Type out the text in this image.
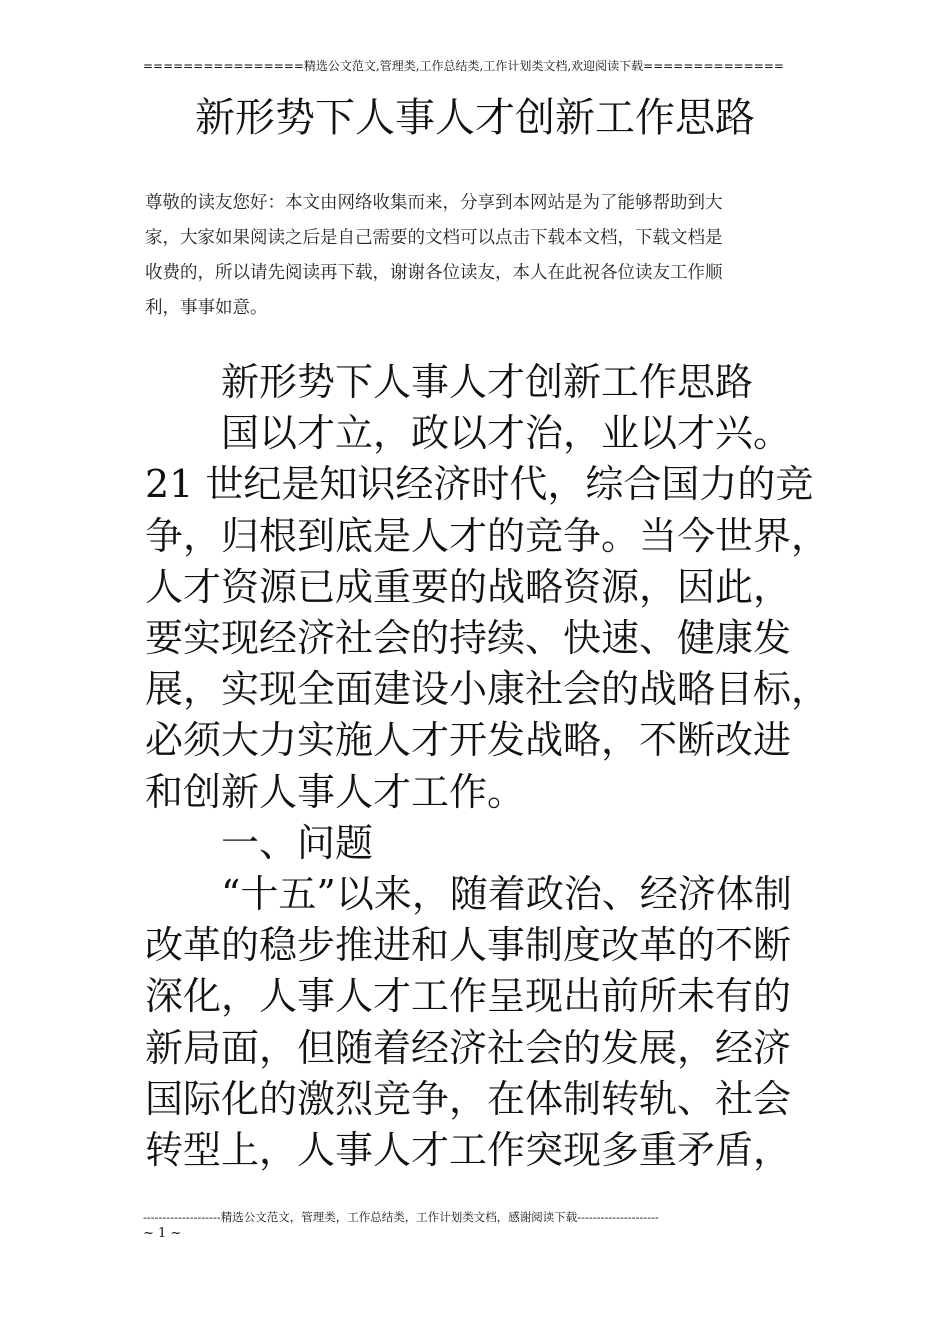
================精选公文范文,管理类,工作总结类,工作计划类文档,欢迎阅读下载==============
新形势下人事人才创新工作思路
尊敬的读友您好：本文由网络收集而来，分享到本网站是为了能够帮助到大
家，大家如果阅读之后是自己需要的文档可以点击下载本文档，下载文档是
收费的，所以请先阅读再下载，谢谢各位读友，本人在此祝各位读友工作顺
利，事事如意。
新形势下人事人才创新工作思路
国以才立，政以才治，业以才兴。
21 世纪是知识经济时代，综合国力的竞
争，归根到底是人才的竞争。当今世界，
人才资源已成重要的战略资源，因此，
要实现经济社会的持续、快速、健康发
展，实现全面建设小康社会的战略目标，
必须大力实施人才开发战略，不断改进
和创新人事人才工作。
一、问题
“十五”以来，随着政治、经济体制
改革的稳步推进和人事制度改革的不断
深化，人事人才工作呈现出前所未有的
新局面，但随着经济社会的发展，经济
国际化的激烈竞争，在体制转轨、社会
转型上，人事人才工作突现多重矛盾，
--------------------精选公文范文，管理类，工作总结类，工作计划类文档，感谢阅读下载---------------------
~ 1 ~
